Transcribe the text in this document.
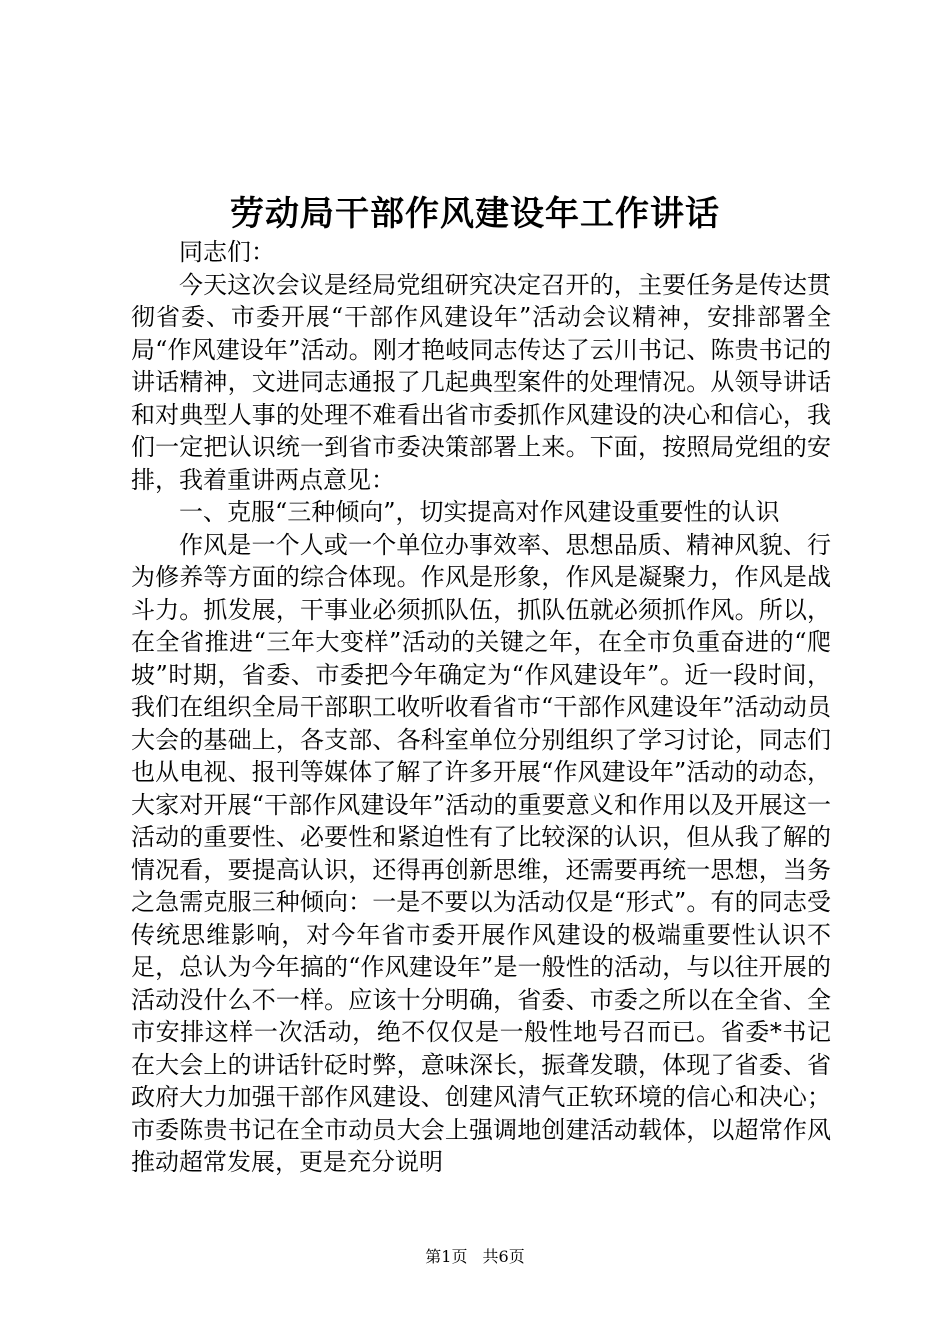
劳动局干部作风建设年工作讲话

同志们：

今天这次会议是经局党组研究决定召开的，主要任务是传达贯彻省委、市委开展“干部作风建设年”活动会议精神，安排部署全局“作风建设年”活动。刚才艳岐同志传达了云川书记、陈贵书记的讲话精神，文进同志通报了几起典型案件的处理情况。从领导讲话和对典型人事的处理不难看出省市委抓作风建设的决心和信心，我们一定把认识统一到省市委决策部署上来。下面，按照局党组的安排，我着重讲两点意见：

一、克服“三种倾向”，切实提高对作风建设重要性的认识

作风是一个人或一个单位办事效率、思想品质、精神风貌、行为修养等方面的综合体现。作风是形象，作风是凝聚力，作风是战斗力。抓发展，干事业必须抓队伍，抓队伍就必须抓作风。所以，在全省推进“三年大变样”活动的关键之年，在全市负重奋进的“爬坡”时期，省委、市委把今年确定为“作风建设年”。近一段时间，我们在组织全局干部职工收听收看省市“干部作风建设年”活动动员大会的基础上，各支部、各科室单位分别组织了学习讨论，同志们也从电视、报刊等媒体了解了许多开展“作风建设年”活动的动态，大家对开展“干部作风建设年”活动的重要意义和作用以及开展这一活动的重要性、必要性和紧迫性有了比较深的认识，但从我了解的情况看，要提高认识，还得再创新思维，还需要再统一思想，当务之急需克服三种倾向：一是不要以为活动仅是“形式”。有的同志受传统思维影响，对今年省市委开展作风建设的极端重要性认识不足，总认为今年搞的“作风建设年”是一般性的活动，与以往开展的活动没什么不一样。应该十分明确，省委、市委之所以在全省、全市安排这样一次活动，绝不仅仅是一般性地号召而已。省委*书记在大会上的讲话针砭时弊，意味深长，振聋发聩，体现了省委、省政府大力加强干部作风建设、创建风清气正软环境的信心和决心；市委陈贵书记在全市动员大会上强调地创建活动载体，以超常作风推动超常发展，更是充分说明

第1页 共6页
